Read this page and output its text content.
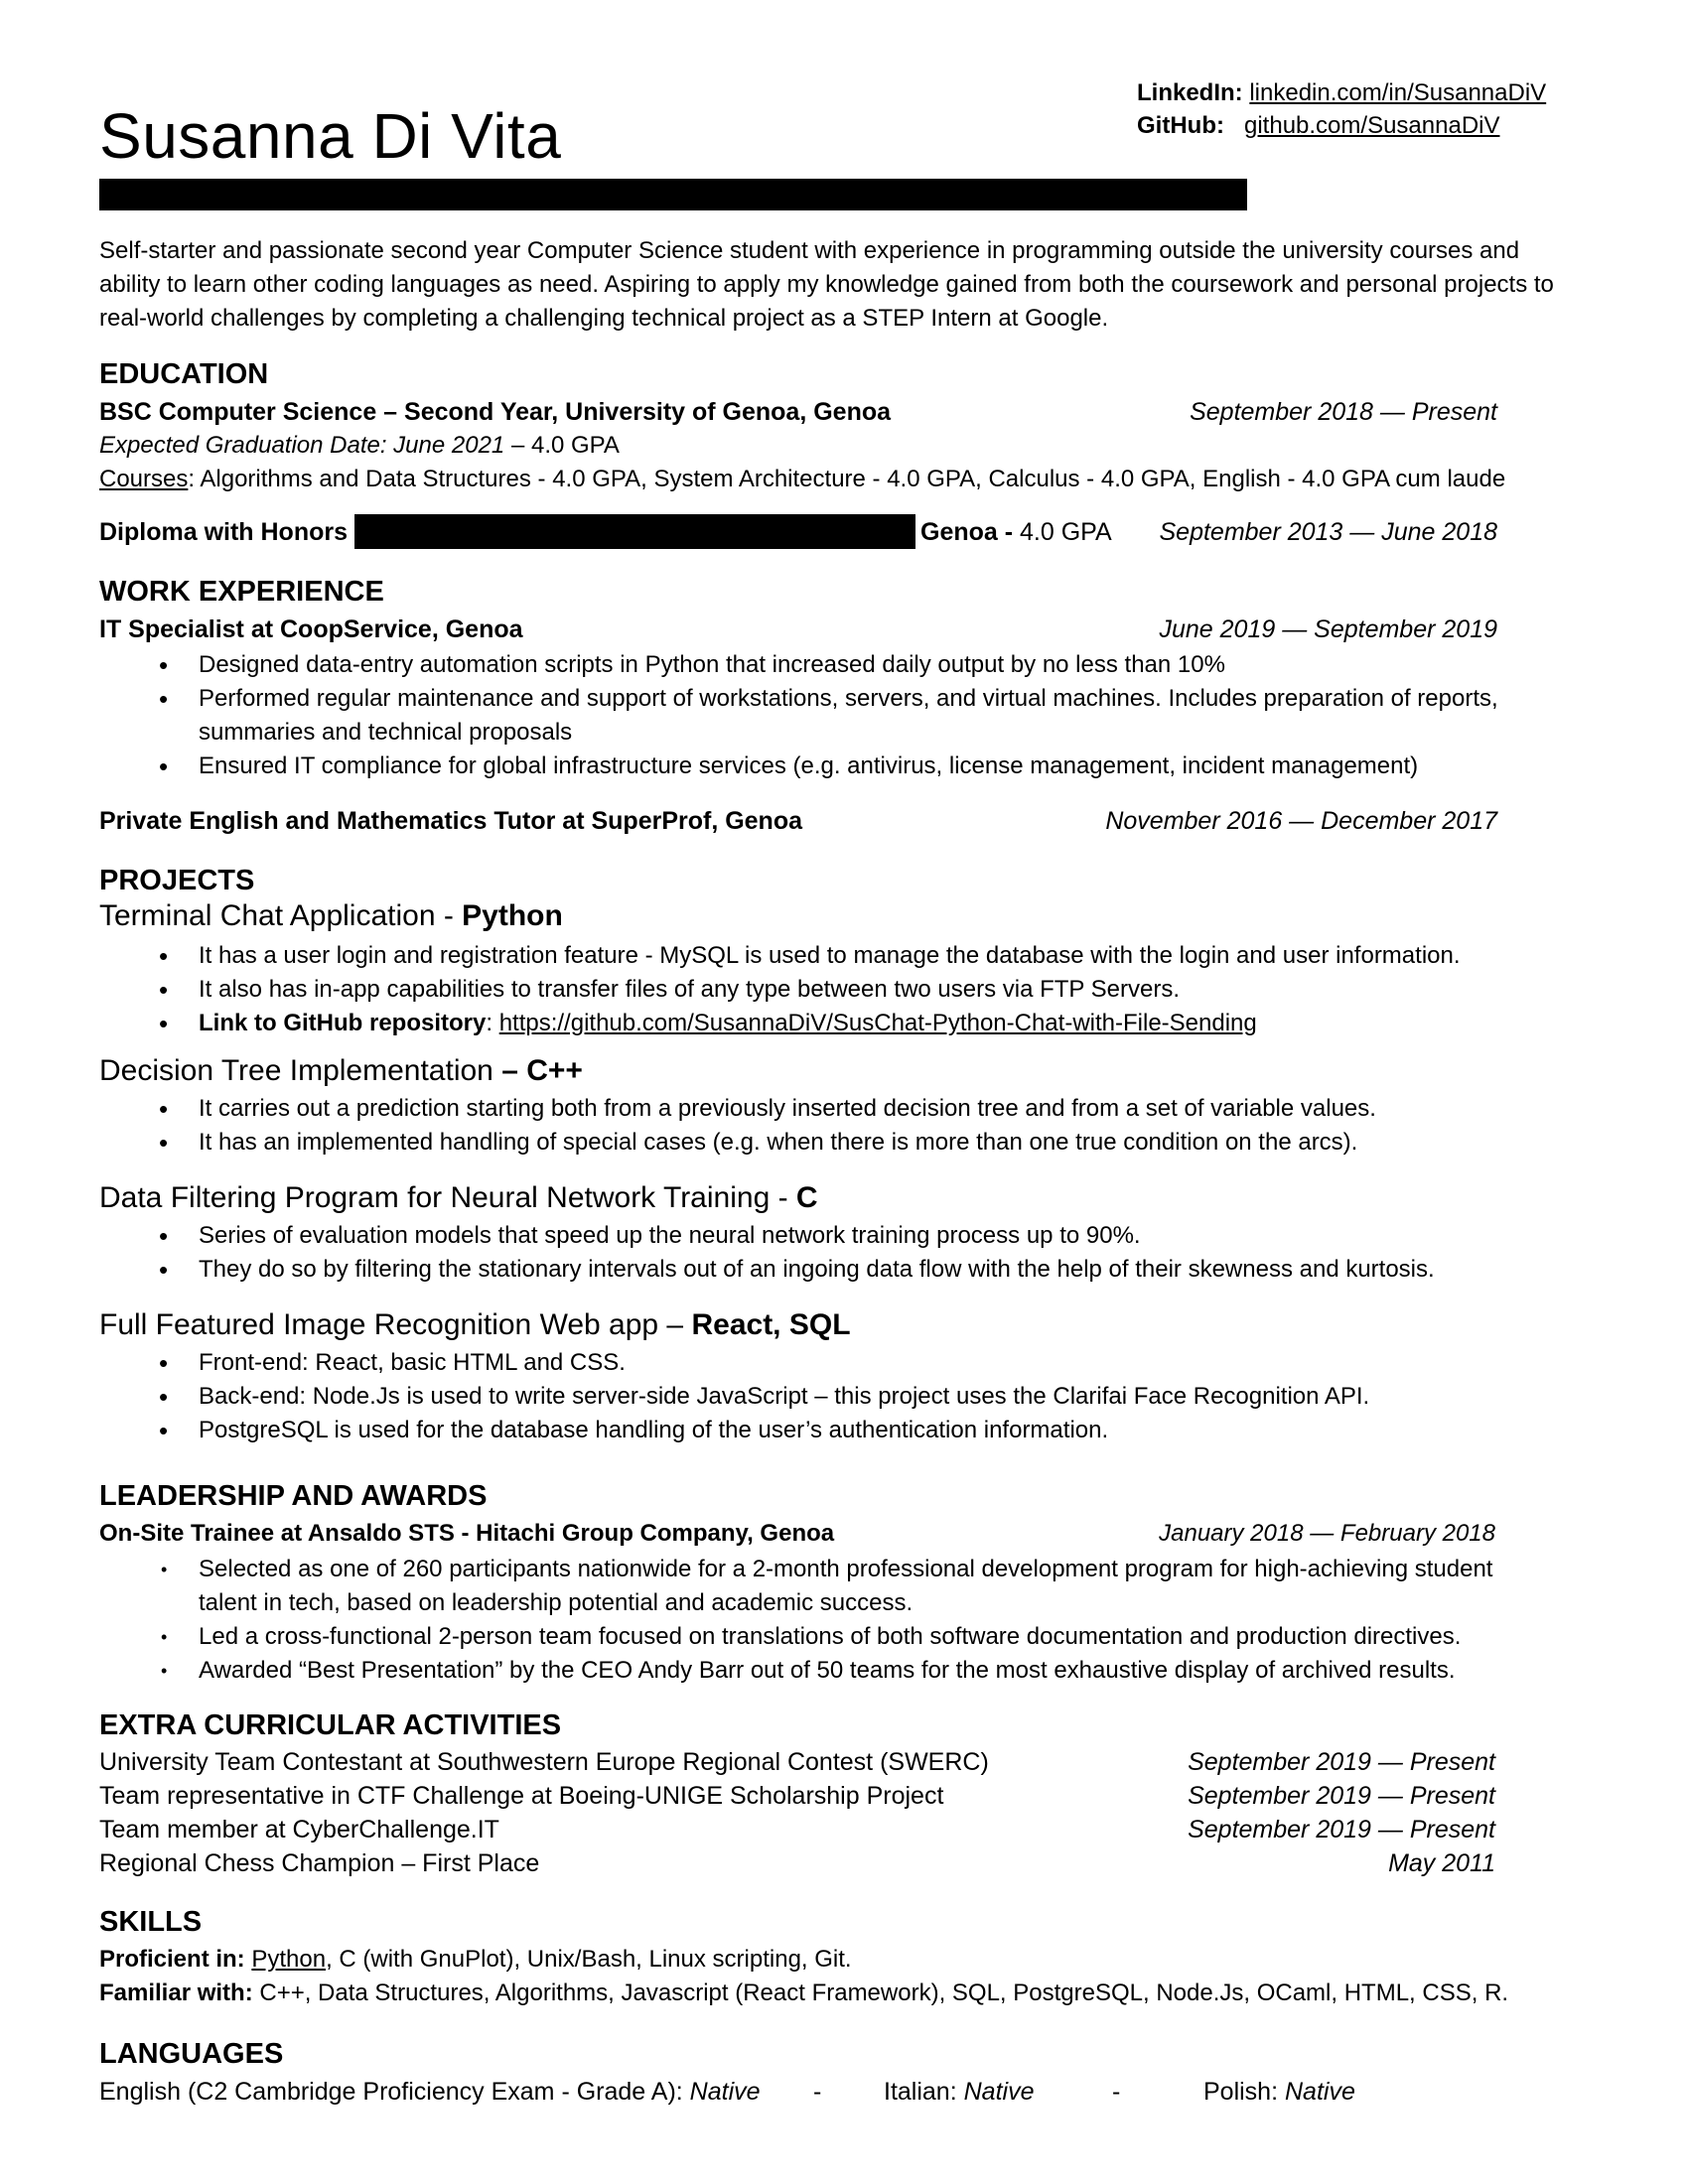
Susanna Di Vita
LinkedIn: linkedin.com/in/SusannaDiV
GitHub: github.com/SusannaDiV
Self-starter and passionate second year Computer Science student with experience in programming outside the university courses and ability to learn other coding languages as need. Aspiring to apply my knowledge gained from both the coursework and personal projects to real-world challenges by completing a challenging technical project as a STEP Intern at Google.
EDUCATION
BSC Computer Science – Second Year, University of Genoa, Genoa	September 2018 — Present
Expected Graduation Date: June 2021 – 4.0 GPA
Courses: Algorithms and Data Structures - 4.0 GPA, System Architecture - 4.0 GPA, Calculus - 4.0 GPA, English - 4.0 GPA cum laude
Diploma with Honors	September 2013 — June 2018
Genoa - 4.0 GPA
WORK EXPERIENCE
IT Specialist at CoopService, Genoa	June 2019 — September 2019
• Designed data-entry automation scripts in Python that increased daily output by no less than 10%
• Performed regular maintenance and support of workstations, servers, and virtual machines. Includes preparation of reports, summaries and technical proposals
• Ensured IT compliance for global infrastructure services (e.g. antivirus, license management, incident management)
Private English and Mathematics Tutor at SuperProf, Genoa	November 2016 — December 2017
PROJECTS
Terminal Chat Application - Python
• It has a user login and registration feature - MySQL is used to manage the database with the login and user information.
• It also has in-app capabilities to transfer files of any type between two users via FTP Servers.
• Link to GitHub repository: https://github.com/SusannaDiV/SusChat-Python-Chat-with-File-Sending
Decision Tree Implementation – C++
• It carries out a prediction starting both from a previously inserted decision tree and from a set of variable values.
• It has an implemented handling of special cases (e.g. when there is more than one true condition on the arcs).
Data Filtering Program for Neural Network Training - C
• Series of evaluation models that speed up the neural network training process up to 90%.
• They do so by filtering the stationary intervals out of an ingoing data flow with the help of their skewness and kurtosis.
Full Featured Image Recognition Web app – React, SQL
• Front-end: React, basic HTML and CSS.
• Back-end: Node.Js is used to write server-side JavaScript – this project uses the Clarifai Face Recognition API.
• PostgreSQL is used for the database handling of the user’s authentication information.
LEADERSHIP AND AWARDS
On-Site Trainee at Ansaldo STS - Hitachi Group Company, Genoa	January 2018 — February 2018
• Selected as one of 260 participants nationwide for a 2-month professional development program for high-achieving student talent in tech, based on leadership potential and academic success.
• Led a cross-functional 2-person team focused on translations of both software documentation and production directives.
• Awarded “Best Presentation” by the CEO Andy Barr out of 50 teams for the most exhaustive display of archived results.
EXTRA CURRICULAR ACTIVITIES
University Team Contestant at Southwestern Europe Regional Contest (SWERC)	September 2019 — Present
Team representative in CTF Challenge at Boeing-UNIGE Scholarship Project	September 2019 — Present
Team member at CyberChallenge.IT	September 2019 — Present
Regional Chess Champion – First Place	May 2011
SKILLS
Proficient in: Python, C (with GnuPlot), Unix/Bash, Linux scripting, Git.
Familiar with: C++, Data Structures, Algorithms, Javascript (React Framework), SQL, PostgreSQL, Node.Js, OCaml, HTML, CSS, R.
LANGUAGES
English (C2 Cambridge Proficiency Exam - Grade A): Native -	Italian: Native	-	Polish: Native
